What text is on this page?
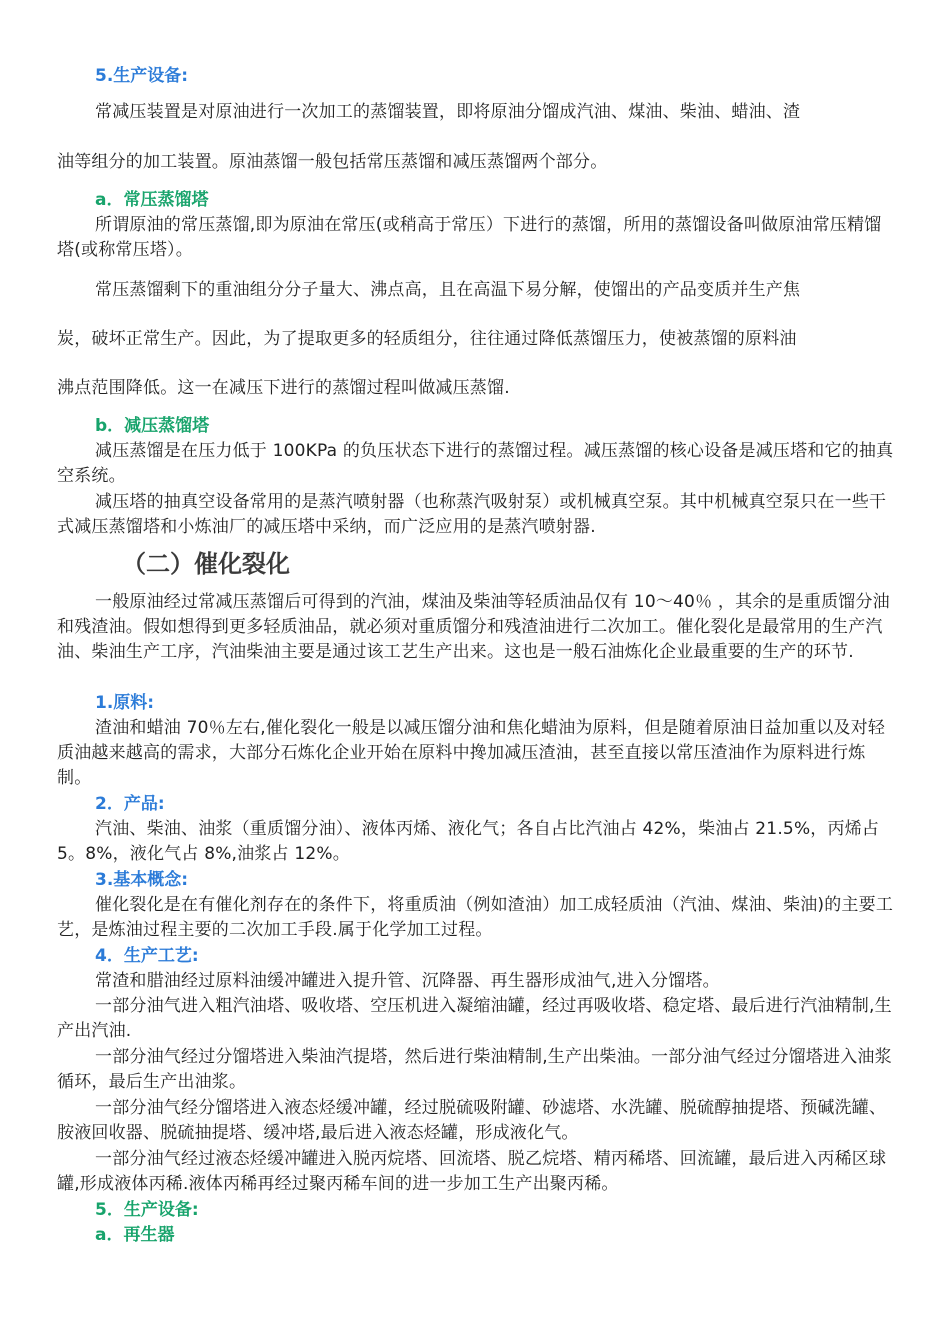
5.生产设备:
常减压装置是对原油进行一次加工的蒸馏装置，即将原油分馏成汽油、煤油、柴油、蜡油、渣
油等组分的加工装置。原油蒸馏一般包括常压蒸馏和减压蒸馏两个部分。
a．常压蒸馏塔
所谓原油的常压蒸馏,即为原油在常压(或稍高于常压）下进行的蒸馏，所用的蒸馏设备叫做原油常压精馏塔(或称常压塔）。
常压蒸馏剩下的重油组分分子量大、沸点高，且在高温下易分解，使馏出的产品变质并生产焦
炭，破坏正常生产。因此，为了提取更多的轻质组分，往往通过降低蒸馏压力，使被蒸馏的原料油
沸点范围降低。这一在减压下进行的蒸馏过程叫做减压蒸馏.
b．减压蒸馏塔
减压蒸馏是在压力低于 100KPa 的负压状态下进行的蒸馏过程。减压蒸馏的核心设备是减压塔和它的抽真空系统。
减压塔的抽真空设备常用的是蒸汽喷射器（也称蒸汽吸射泵）或机械真空泵。其中机械真空泵只在一些干式减压蒸馏塔和小炼油厂的减压塔中采纳，而广泛应用的是蒸汽喷射器.
（二）催化裂化
一般原油经过常减压蒸馏后可得到的汽油，煤油及柴油等轻质油品仅有 10～40％ ，其余的是重质馏分油和残渣油。假如想得到更多轻质油品，就必须对重质馏分和残渣油进行二次加工。催化裂化是最常用的生产汽油、柴油生产工序，汽油柴油主要是通过该工艺生产出来。这也是一般石油炼化企业最重要的生产的环节.
1.原料:
渣油和蜡油 70％左右,催化裂化一般是以减压馏分油和焦化蜡油为原料，但是随着原油日益加重以及对轻质油越来越高的需求，大部分石炼化企业开始在原料中搀加减压渣油，甚至直接以常压渣油作为原料进行炼制。
2．产品:
汽油、柴油、油浆（重质馏分油）、液体丙烯、液化气；各自占比汽油占 42%，柴油占 21.5%，丙烯占 5。8%，液化气占 8%,油浆占 12%。
3.基本概念:
催化裂化是在有催化剂存在的条件下，将重质油（例如渣油）加工成轻质油（汽油、煤油、柴油)的主要工艺，是炼油过程主要的二次加工手段.属于化学加工过程。
4．生产工艺:
常渣和腊油经过原料油缓冲罐进入提升管、沉降器、再生器形成油气,进入分馏塔。
一部分油气进入粗汽油塔、吸收塔、空压机进入凝缩油罐，经过再吸收塔、稳定塔、最后进行汽油精制,生产出汽油.
一部分油气经过分馏塔进入柴油汽提塔，然后进行柴油精制,生产出柴油。一部分油气经过分馏塔进入油浆循环，最后生产出油浆。
一部分油气经分馏塔进入液态烃缓冲罐，经过脱硫吸附罐、砂滤塔、水洗罐、脱硫醇抽提塔、预碱洗罐、胺液回收器、脱硫抽提塔、缓冲塔,最后进入液态烃罐，形成液化气。
一部分油气经过液态烃缓冲罐进入脱丙烷塔、回流塔、脱乙烷塔、精丙稀塔、回流罐，最后进入丙稀区球罐,形成液体丙稀.液体丙稀再经过聚丙稀车间的进一步加工生产出聚丙稀。
5．生产设备:
a．再生器
